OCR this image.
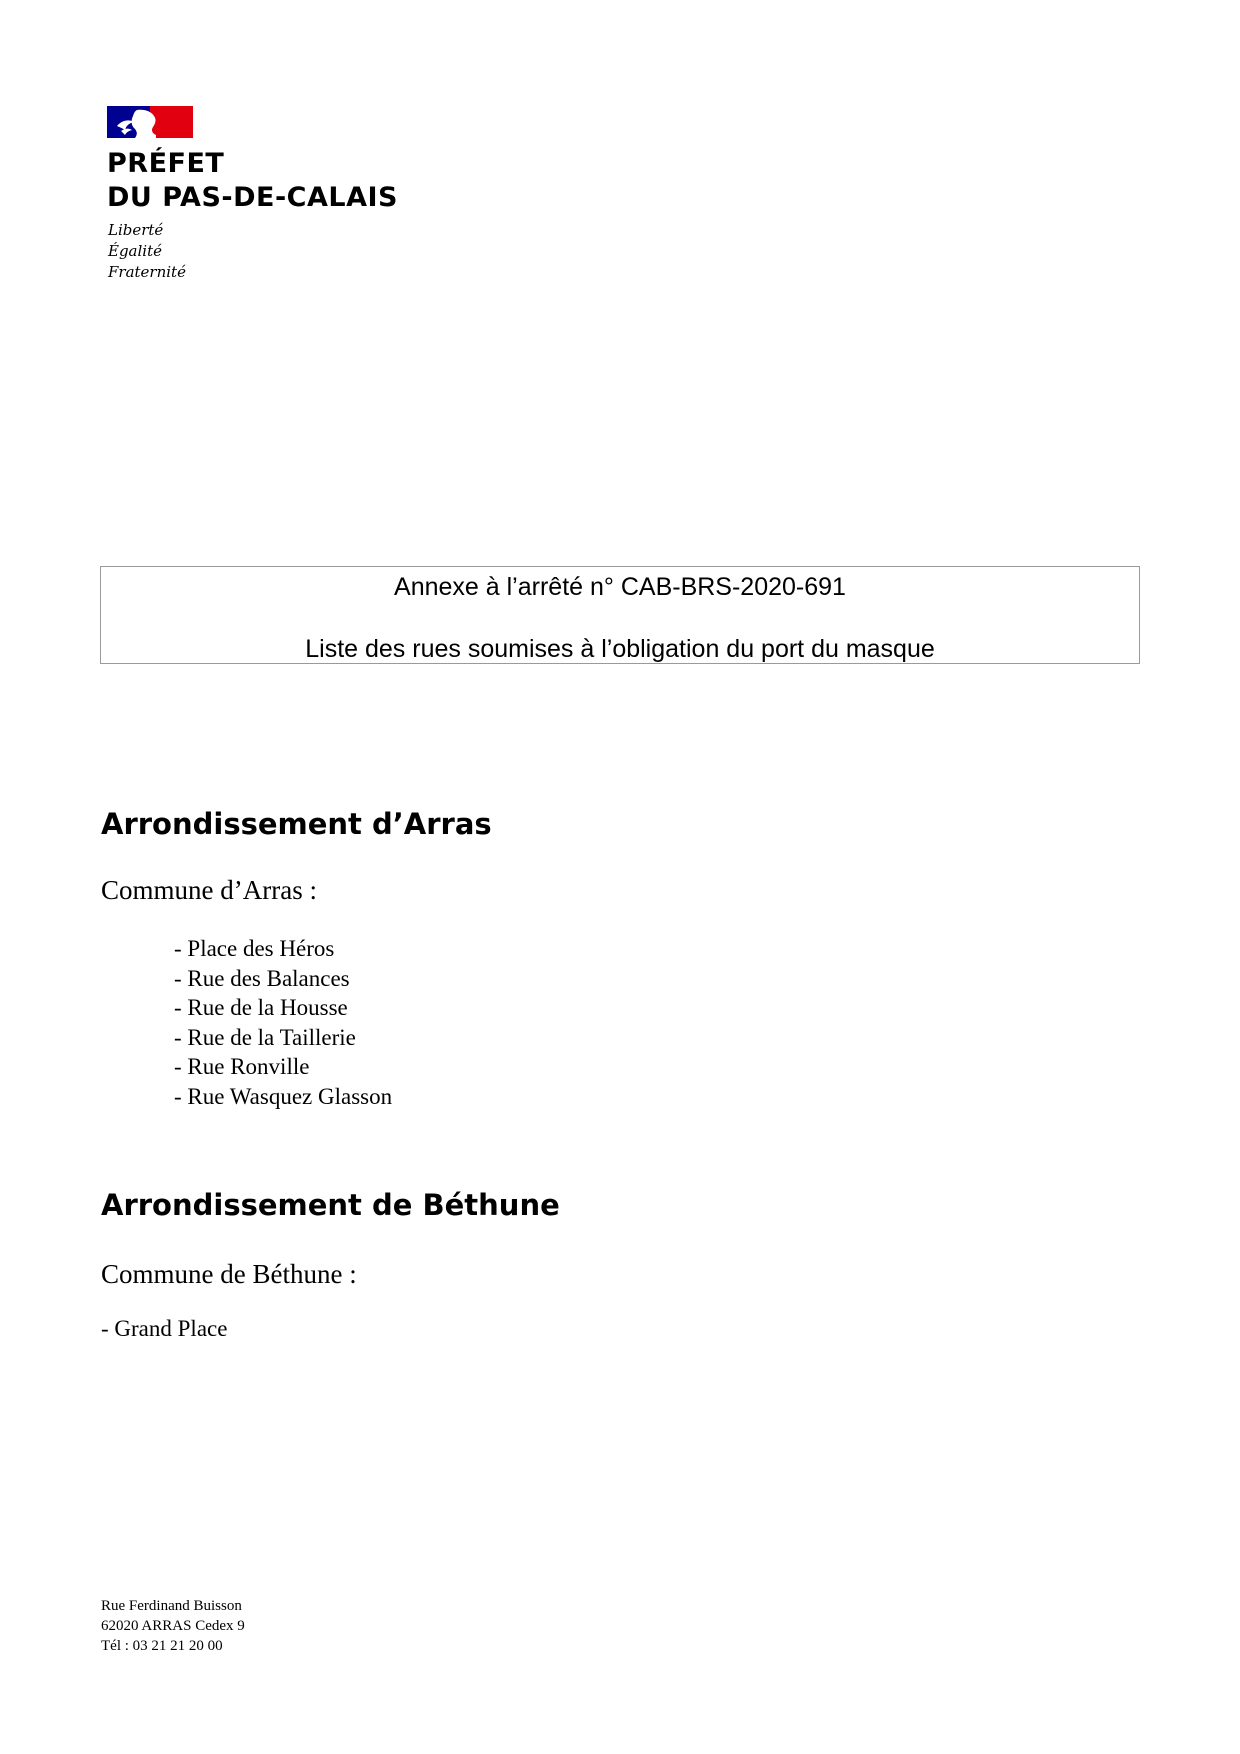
PRÉFET
DU PAS-DE-CALAIS
Liberté
Égalité
Fraternité
Annexe à l’arrêté n° CAB-BRS-2020-691
Liste des rues soumises à l’obligation du port du masque
Arrondissement d’Arras
Commune d’Arras :
- Place des Héros
- Rue des Balances
- Rue de la Housse
- Rue de la Taillerie
- Rue Ronville
- Rue Wasquez Glasson
Arrondissement de Béthune
Commune de Béthune :
- Grand Place
Rue Ferdinand Buisson
62020 ARRAS Cedex 9
Tél : 03 21 21 20 00
